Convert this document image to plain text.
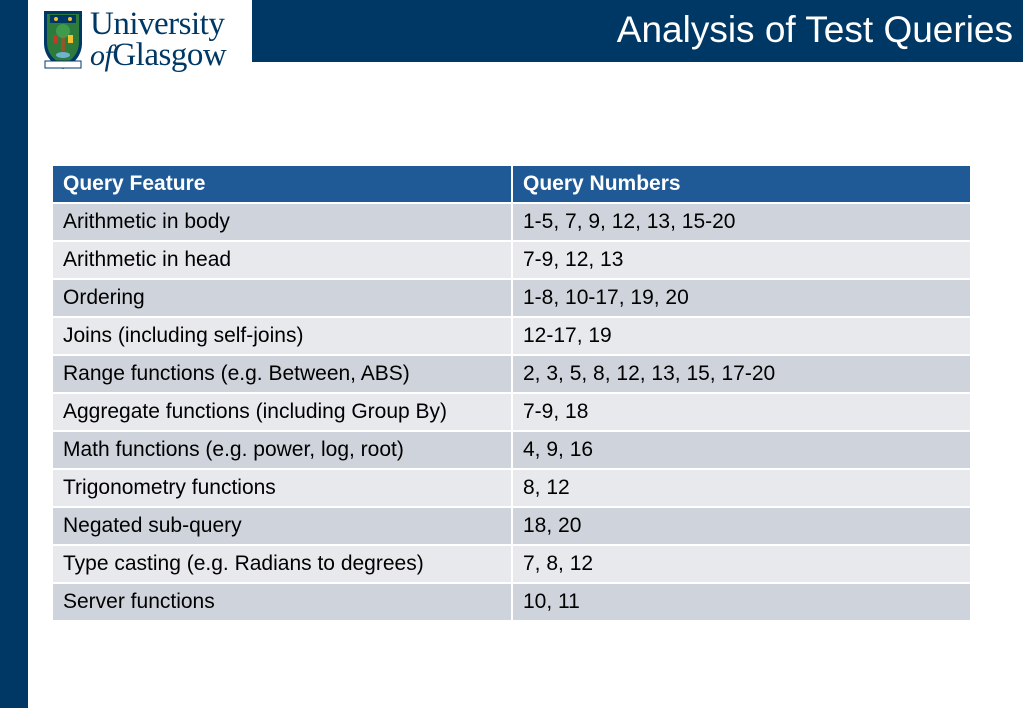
University
ofGlasgow
Analysis of Test Queries
Query Feature	Query Numbers
Arithmetic in body	1-5, 7, 9, 12, 13, 15-20
Arithmetic in head	7-9, 12, 13
Ordering	1-8, 10-17, 19, 20
Joins (including self-joins)	12-17, 19
Range functions (e.g. Between, ABS)	2, 3, 5, 8, 12, 13, 15, 17-20
Aggregate functions (including Group By)	7-9, 18
Math functions (e.g. power, log, root)	4, 9, 16
Trigonometry functions	8, 12
Negated sub-query	18, 20
Type casting (e.g. Radians to degrees)	7, 8, 12
Server functions	10, 11
